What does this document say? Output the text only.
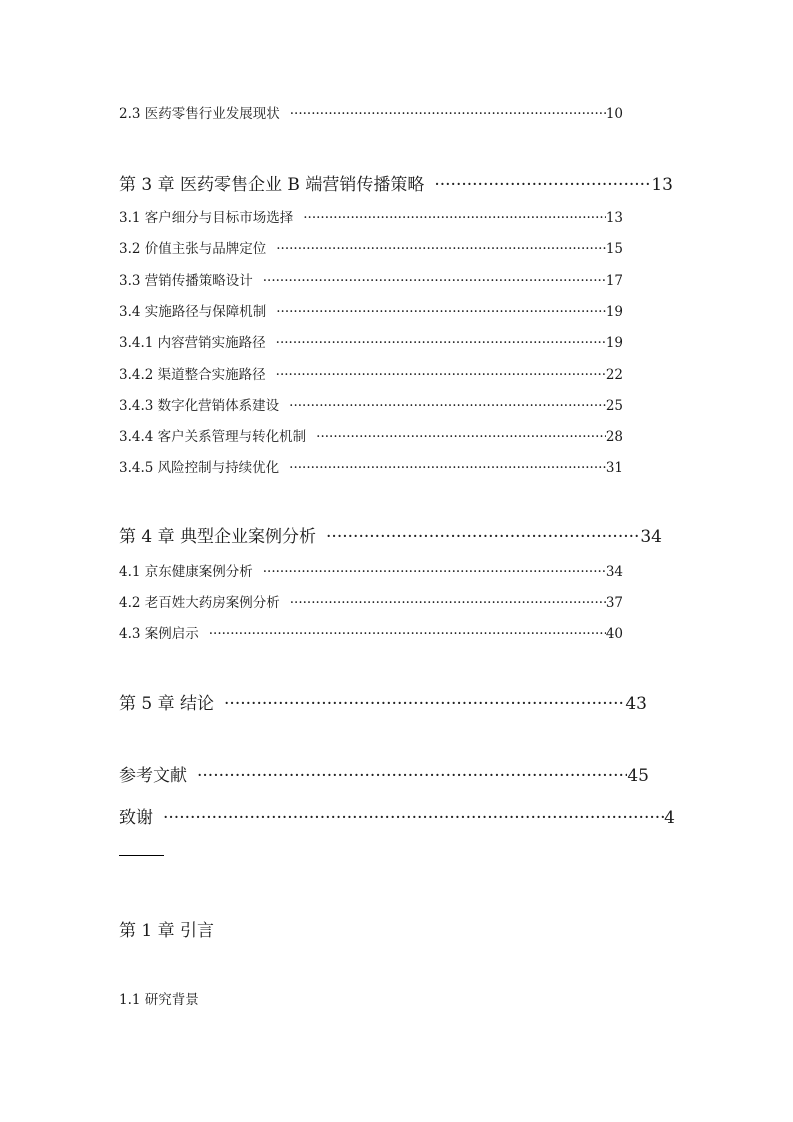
2.3 医药零售行业发展现状 ·····	10
第 3 章 医药零售企业 B 端营销传播策略 ·····	13
3.1 客户细分与目标市场选择 ·····	13
3.2 价值主张与品牌定位 ·····	15
3.3 营销传播策略设计 ·····	17
3.4 实施路径与保障机制 ·····	19
3.4.1 内容营销实施路径 ·····	19
3.4.2 渠道整合实施路径 ·····	22
3.4.3 数字化营销体系建设 ·····	25
3.4.4 客户关系管理与转化机制 ·····	28
3.4.5 风险控制与持续优化 ·····	31
第 4 章 典型企业案例分析 ·····	34
4.1 京东健康案例分析 ·····	34
4.2 老百姓大药房案例分析 ·····	37
4.3 案例启示 ·····	40
第 5 章 结论 ·····	43
参考文献 ·····	45
致谢 ·····	4
第 1 章 引言
1.1 研究背景
